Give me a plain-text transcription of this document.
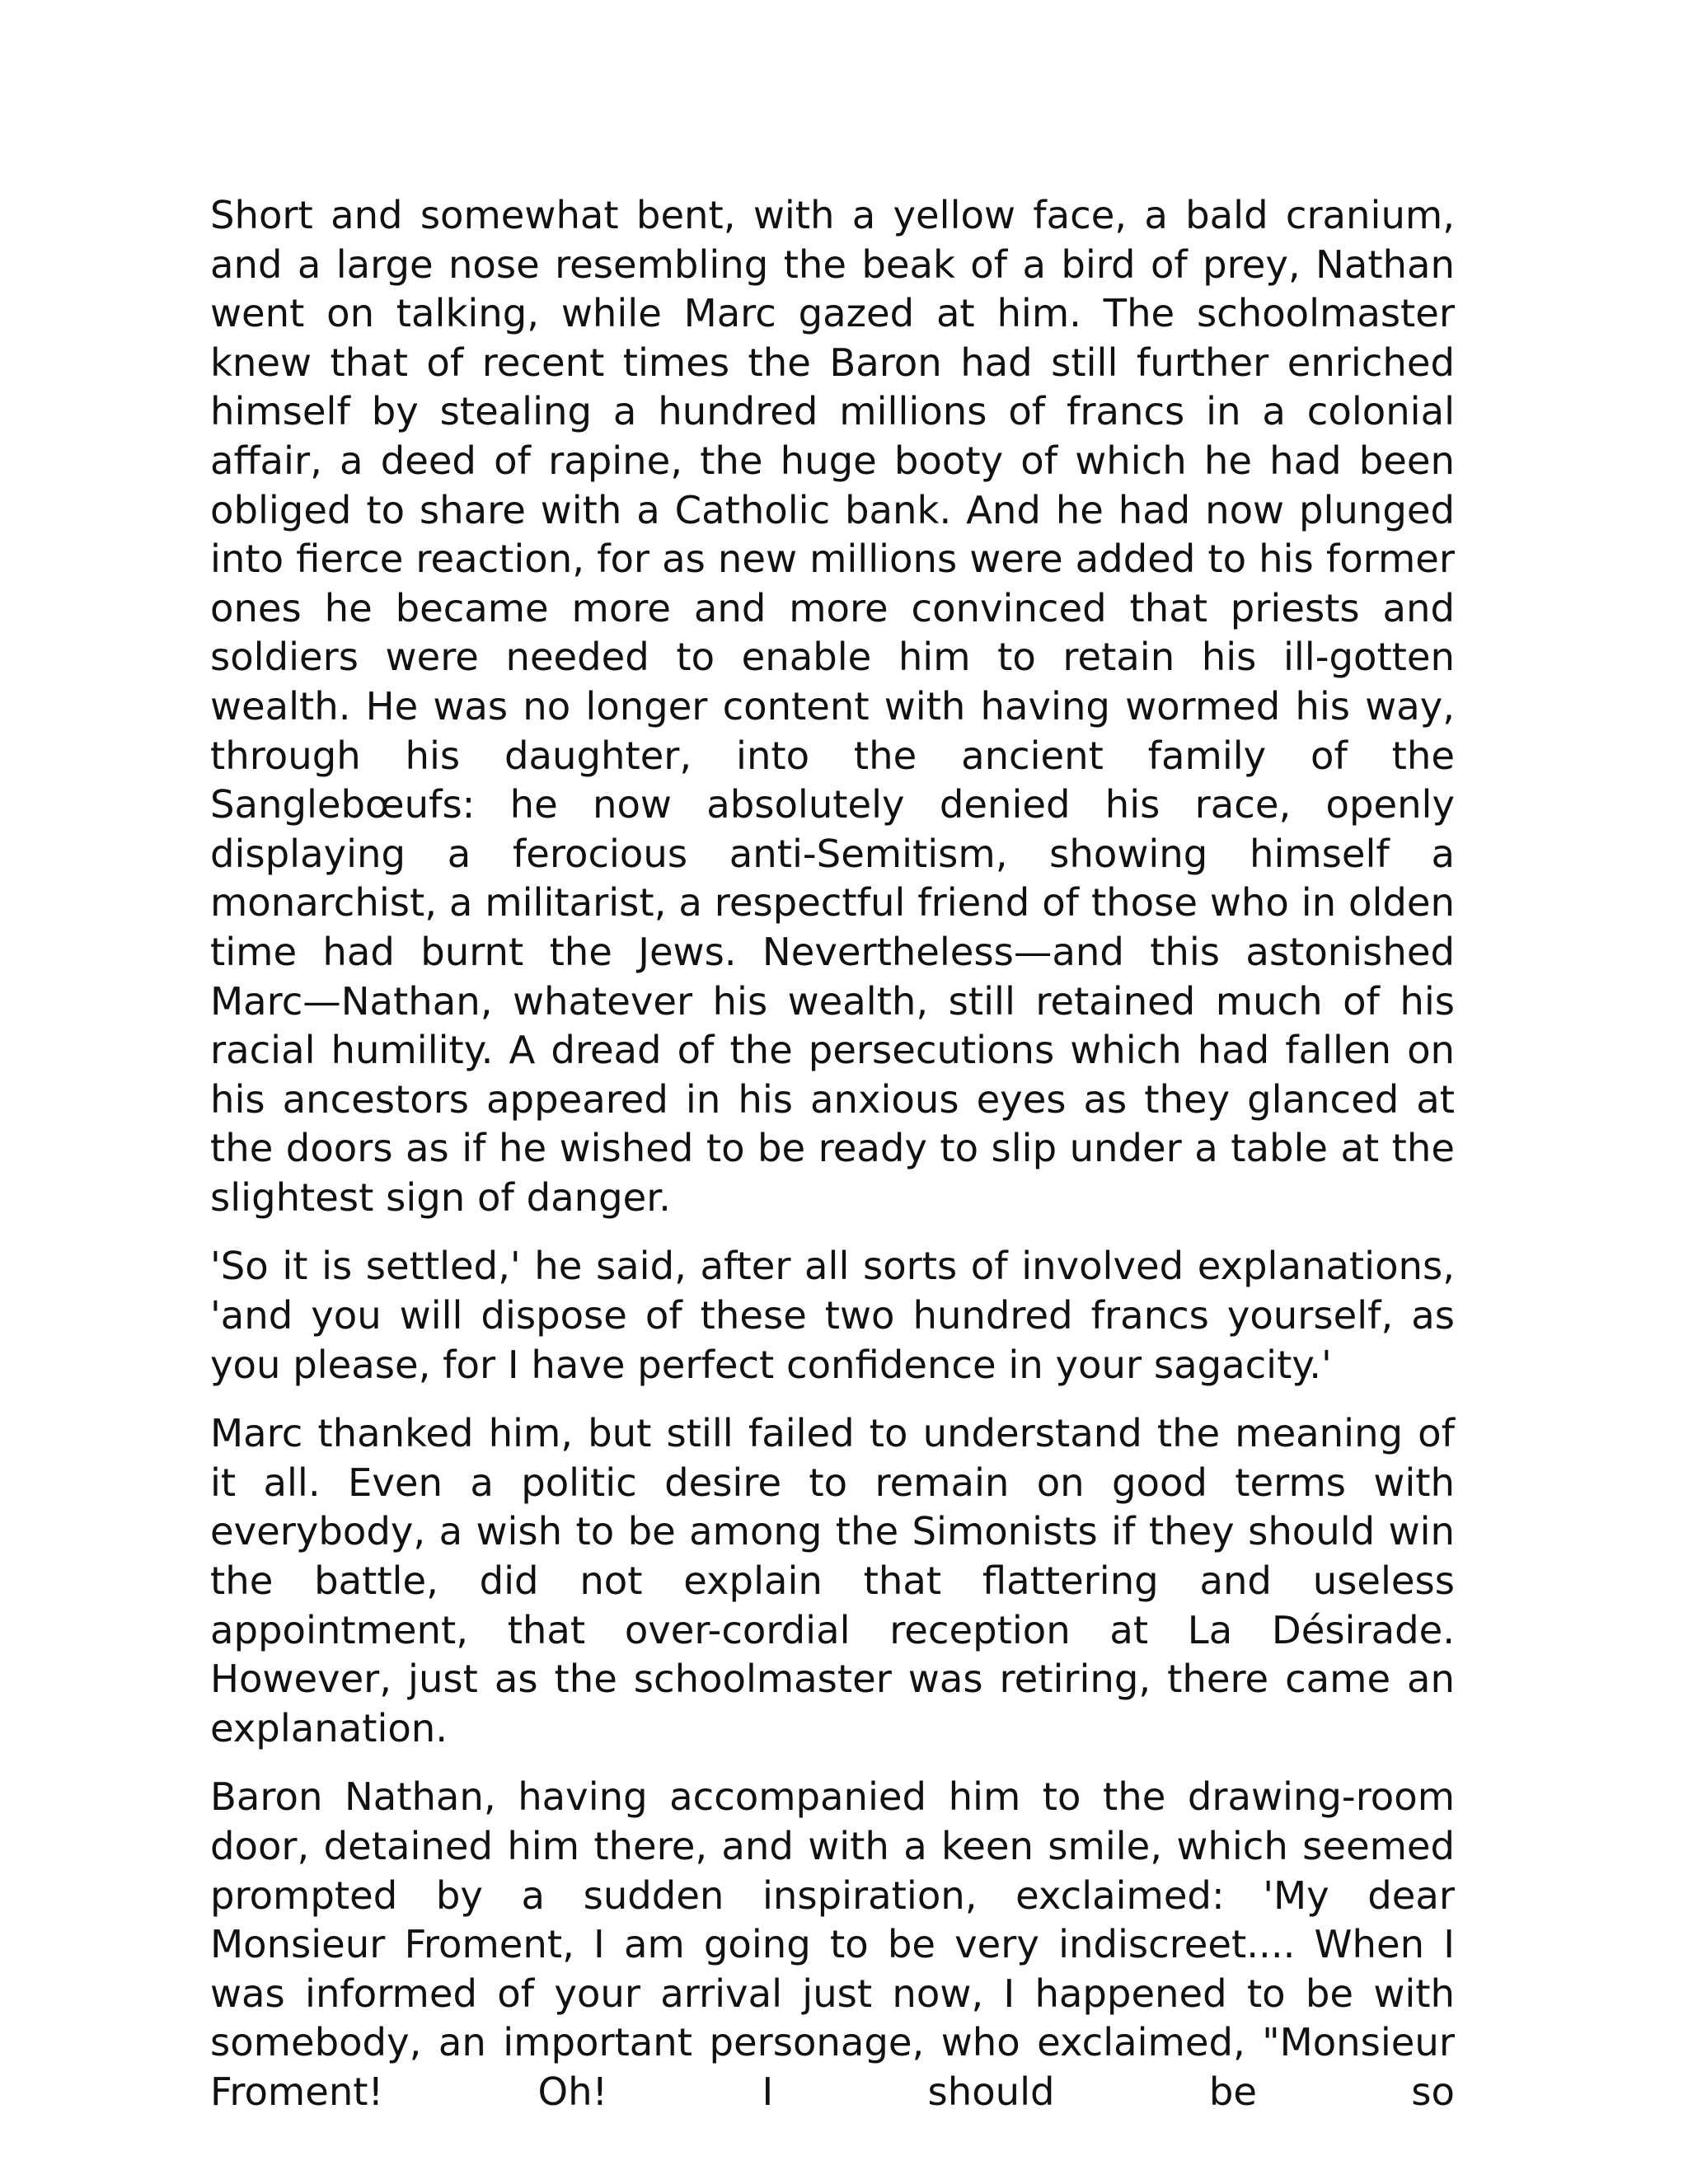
Short and somewhat bent, with a yellow face, a bald cranium, and a large nose resembling the beak of a bird of prey, Nathan went on talking, while Marc gazed at him. The schoolmaster knew that of recent times the Baron had still further enriched himself by stealing a hundred millions of francs in a colonial affair, a deed of rapine, the huge booty of which he had been obliged to share with a Catholic bank. And he had now plunged into fierce reaction, for as new millions were added to his former ones he became more and more convinced that priests and soldiers were needed to enable him to retain his ill-gotten wealth. He was no longer content with having wormed his way, through his daughter, into the ancient family of the Sanglebœufs: he now absolutely denied his race, openly displaying a ferocious anti-Semitism, showing himself a monarchist, a militarist, a respectful friend of those who in olden time had burnt the Jews. Nevertheless—and this astonished Marc—Nathan, whatever his wealth, still retained much of his racial humility. A dread of the persecutions which had fallen on his ancestors appeared in his anxious eyes as they glanced at the doors as if he wished to be ready to slip under a table at the slightest sign of danger.

'So it is settled,' he said, after all sorts of involved explanations, 'and you will dispose of these two hundred francs yourself, as you please, for I have perfect confidence in your sagacity.'

Marc thanked him, but still failed to understand the meaning of it all. Even a politic desire to remain on good terms with everybody, a wish to be among the Simonists if they should win the battle, did not explain that flattering and useless appointment, that over-cordial reception at La Désirade. However, just as the schoolmaster was retiring, there came an explanation.

Baron Nathan, having accompanied him to the drawing-room door, detained him there, and with a keen smile, which seemed prompted by a sudden inspiration, exclaimed: 'My dear Monsieur Froment, I am going to be very indiscreet.... When I was informed of your arrival just now, I happened to be with somebody, an important personage, who exclaimed, "Monsieur Froment! Oh! I should be so
